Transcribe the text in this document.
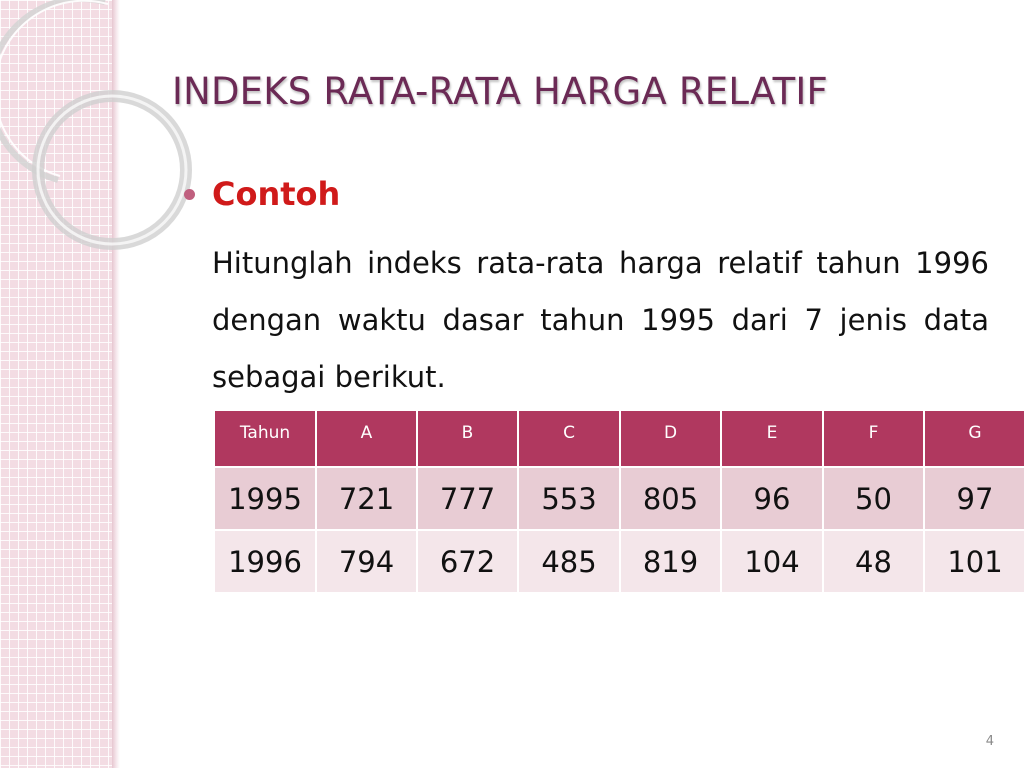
INDEKS RATA-RATA HARGA RELATIF
Contoh
Hitunglah indeks rata-rata harga relatif tahun 1996 dengan waktu dasar tahun 1995 dari 7 jenis data sebagai berikut.
Tahun	A	B	C	D	E	F	G
1995	721	777	553	805	96	50	97
1996	794	672	485	819	104	48	101
4
